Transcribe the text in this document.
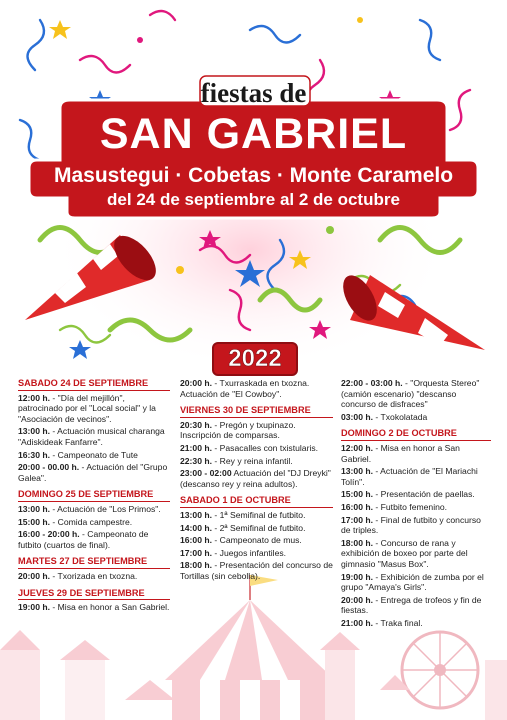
fiestas de
SAN GABRIEL
Masustegui · Cobetas · Monte Caramelo
del 24 de septiembre al 2 de octubre
2022
SABADO 24 DE SEPTIEMBRE
12:00 h. - "Día del mejillón", patrocinado por el "Local social" y la "Asociación de vecinos".
13:00 h. - Actuación musical charanga "Adiskideak Fanfarre".
16:30 h. - Campeonato de Tute
20:00 - 00.00 h. - Actuación del "Grupo Galea".
DOMINGO 25 DE SEPTIEMBRE
13:00 h. - Actuación de "Los Primos".
15:00 h. - Comida campestre.
16:00 - 20:00 h. - Campeonato de futbito (cuartos de final).
MARTES 27 DE SEPTIEMBRE
20:00 h. - Txorizada en txozna.
JUEVES 29 DE SEPTIEMBRE
19:00 h. - Misa en honor a San Gabriel.
20:00 h. - Txurraskada en txozna. Actuación de "El Cowboy".
VIERNES 30 DE SEPTIEMBRE
20:30 h. - Pregón y txupinazo. Inscripción de comparsas.
21:00 h. - Pasacalles con txistularis.
22:30 h. - Rey y reina infantil.
23:00 - 02:00 Actuación del "DJ Dreyki" (descanso rey y reina adultos).
SABADO 1 DE OCTUBRE
13:00 h. - 1ª Semifinal de futbito.
14:00 h. - 2ª Semifinal de futbito.
16:00 h. - Campeonato de mus.
17:00 h. - Juegos infantiles.
18:00 h. - Presentación del concurso de Tortillas (sin cebolla).
22:00 - 03:00 h. - "Orquesta Stereo" (camión escenario) "descanso concurso de disfraces"
03:00 h. - Txokolatada
DOMINGO 2 DE OCTUBRE
12:00 h. - Misa en honor a San Gabriel.
13:00 h. - Actuación de "El Mariachi Tolín".
15:00 h. - Presentación de paellas.
16:00 h. - Futbito femenino.
17:00 h. - Final de futbito y concurso de triples.
18:00 h. - Concurso de rana y exhibición de boxeo por parte del gimnasio "Masus Box".
19:00 h. - Exhibición de zumba por el grupo "Amaya's Girls".
20:00 h. - Entrega de trofeos y fin de fiestas.
21:00 h. - Traka final.
